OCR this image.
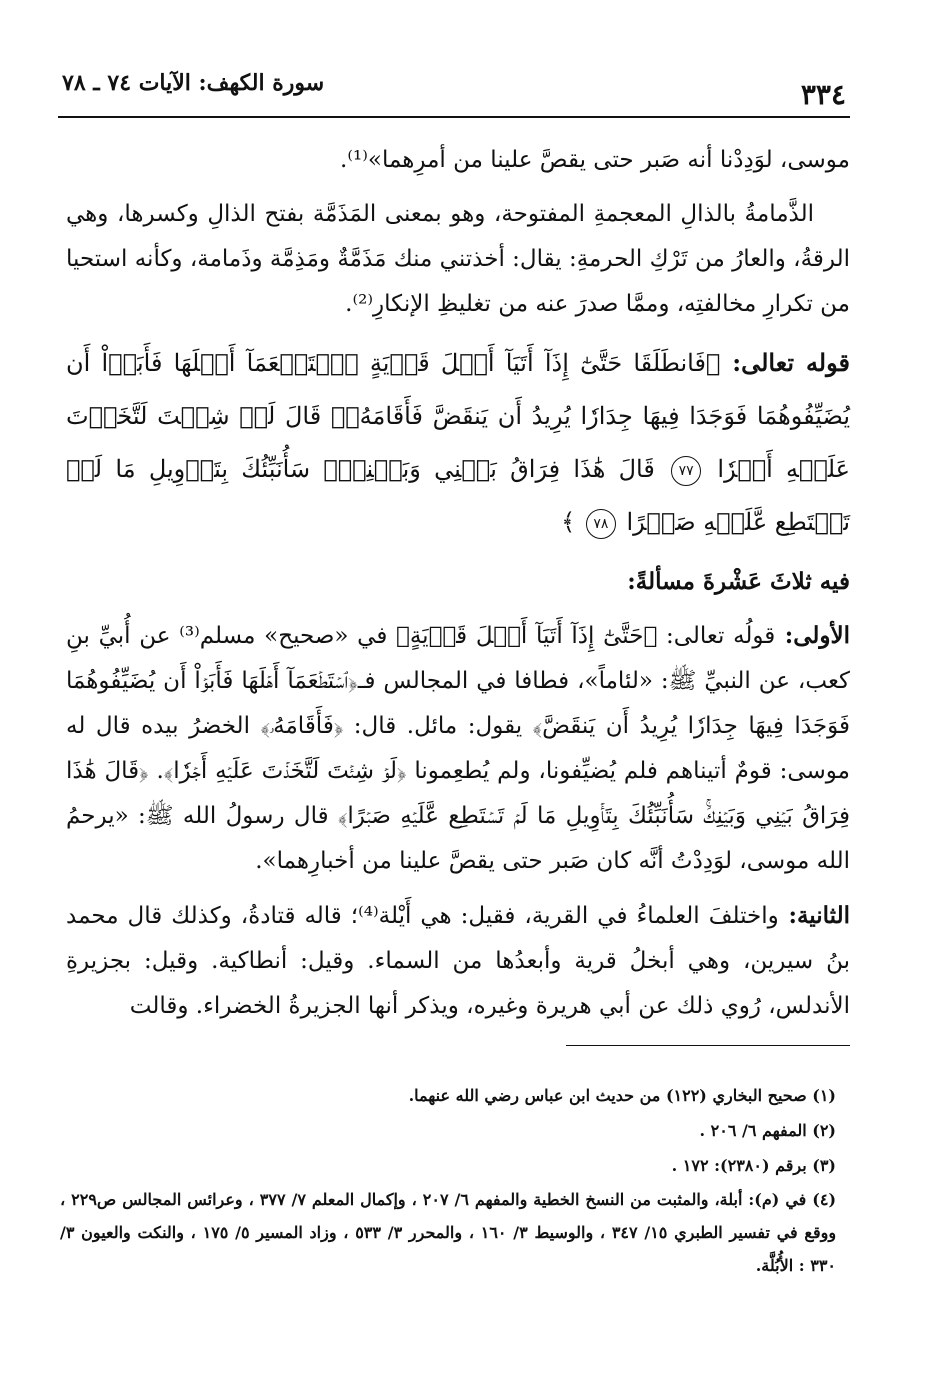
٣٣٤
سورة الكهف: الآيات ٧٤ ـ ٧٨

موسى، لوَدِدْنا أنه صَبر حتى يقصَّ علينا من أمرِهما»⁽¹⁾.

الذَّمامةُ بالذالِ المعجمةِ المفتوحة، وهو بمعنى المَذَمَّة بفتح الذالِ وكسرها، وهي الرقةُ، والعارُ من تَرْكِ الحرمةِ: يقال: أخذتني منك مَذَمَّةٌ ومَذِمَّة وذَمامة، وكأنه استحيا من تكرارِ مخالفتِه، وممَّا صدرَ عنه من تغليظِ الإنكارِ⁽²⁾.

قوله تعالى: ﴿فَانطَلَقَا حَتَّىٰٓ إِذَآ أَتَيَآ أَهۡلَ قَرۡيَةٍ ٱسۡتَطۡعَمَآ أَهۡلَهَا فَأَبَوۡاْ أَن يُضَيِّفُوهُمَا فَوَجَدَا فِيهَا جِدَارٗا يُرِيدُ أَن يَنقَضَّ فَأَقَامَهُۥۖ قَالَ لَوۡ شِئۡتَ لَتَّخَذۡتَ عَلَيۡهِ أَجۡرٗا ٧٧ قَالَ هَٰذَا فِرَاقُ بَيۡنِي وَبَيۡنِكَۚ سَأُنَبِّئُكَ بِتَأۡوِيلِ مَا لَمۡ تَسۡتَطِع عَّلَيۡهِ صَبۡرًا ٧٨ ﴾

فيه ثلاثَ عَشْرةَ مسألةً:

الأولى: قولُه تعالى: ﴿حَتَّىٰٓ إِذَآ أَتَيَآ أَهۡلَ قَرۡيَةٍ﴾ في «صحيح» مسلم⁽³⁾ عن أُبيِّ بنِ كعب، عن النبيِّ ﷺ: «لئاماً»، فطافا في المجالس فـ﴿ٱسۡتَطۡعَمَآ أَهۡلَهَا فَأَبَوۡاْ أَن يُضَيِّفُوهُمَا فَوَجَدَا فِيهَا جِدَارٗا يُرِيدُ أَن يَنقَضَّ﴾ يقول: مائل. قال: ﴿فَأَقَامَهُۥ﴾ الخضرُ بيده قال له موسى: قومٌ أتيناهم فلم يُضيِّفونا، ولم يُطعِمونا ﴿لَوۡ شِئۡتَ لَتَّخَذۡتَ عَلَيۡهِ أَجۡرٗا﴾. ﴿قَالَ هَٰذَا فِرَاقُ بَيۡنِي وَبَيۡنِكَۚ سَأُنَبِّئُكَ بِتَأۡوِيلِ مَا لَمۡ تَسۡتَطِع عَّلَيۡهِ صَبۡرًا﴾ قال رسولُ الله ﷺ: «يرحمُ الله موسى، لوَدِدْتُ أنَّه كان صَبر حتى يقصَّ علينا من أخبارِهما».

الثانية: واختلفَ العلماءُ في القرية، فقيل: هي أَيْلة⁽⁴⁾؛ قاله قتادةُ، وكذلك قال محمد بنُ سيرين، وهي أبخلُ قرية وأبعدُها من السماء. وقيل: أنطاكية. وقيل: بجزيرةِ الأندلس، رُوي ذلك عن أبي هريرة وغيره، ويذكر أنها الجزيرةُ الخضراء. وقالت

(١) صحيح البخاري (١٢٢) من حديث ابن عباس رضي الله عنهما.

(٢) المفهم ٦/ ٢٠٦ .

(٣) برقم (٢٣٨٠): ١٧٢ .

(٤) في (م): أبلة، والمثبت من النسخ الخطية والمفهم ٦/ ٢٠٧ ، وإكمال المعلم ٧/ ٣٧٧ ، وعرائس المجالس ص٢٢٩ ، ووقع في تفسير الطبري ١٥/ ٣٤٧ ، والوسيط ٣/ ١٦٠ ، والمحرر ٣/ ٥٣٣ ، وزاد المسير ٥/ ١٧٥ ، والنكت والعيون ٣/ ٣٣٠ : الأُبُلَّة.
